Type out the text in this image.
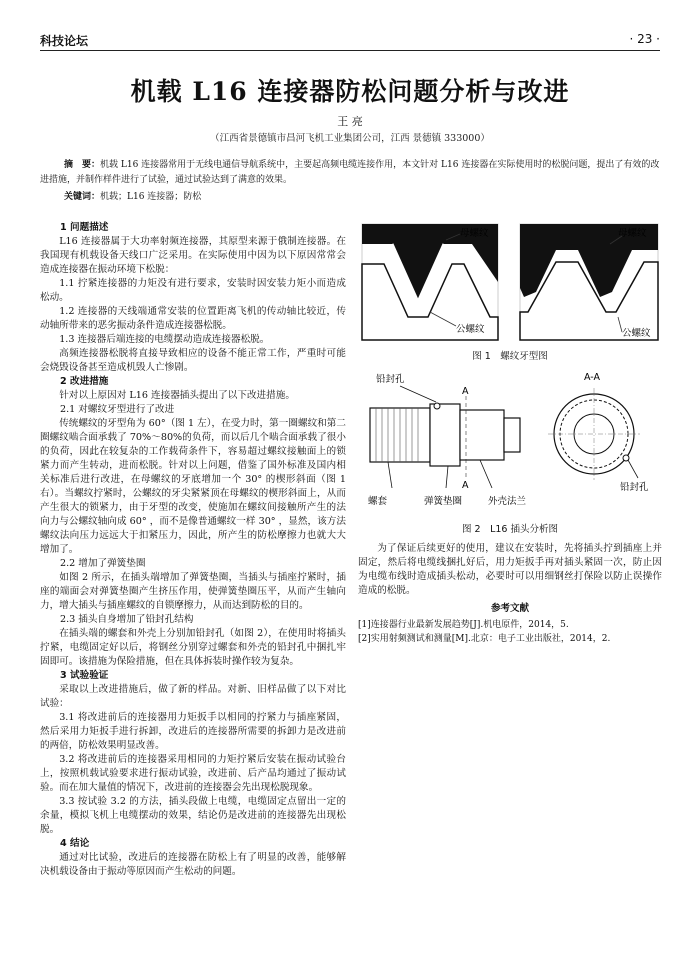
科技论坛	· 23 ·
机载 L16 连接器防松问题分析与改进
王 亮
（江西省景德镇市昌河飞机工业集团公司，江西 景德镇 333000）
摘　要：机载 L16 连接器常用于无线电通信导航系统中，主要起高频电缆连接作用，本文针对 L16 连接器在实际使用时的松脱问题，提出了有效的改进措施，并制作样件进行了试验，通过试验达到了满意的效果。
关键词：机载；L16 连接器；防松
1 问题描述

L16 连接器属于大功率射频连接器，其原型来源于俄制连接器。在我国现有机载设备天线口广泛采用。在实际使用中因为以下原因常常会造成连接器在振动环境下松脱：

1.1 拧紧连接器的力矩没有进行要求，安装时因安装力矩小而造成松动。

1.2 连接器的天线端通常安装的位置距离飞机的传动轴比较近，传动轴所带来的恶劣振动条件造成连接器松脱。

1.3 连接器后端连接的电缆摆动造成连接器松脱。

高频连接器松脱将直接导致相应的设备不能正常工作，严重时可能会烧毁设备甚至造成机毁人亡惨剧。

2 改进措施

针对以上原因对 L16 连接器插头提出了以下改进措施。

2.1 对螺纹牙型进行了改进

传统螺纹的牙型角为 60°（图 1 左），在受力时，第一圈螺纹和第二圈螺纹啮合面承载了 70%～80%的负荷，而以后几个啮合面承载了很小的负荷，因此在较复杂的工作载荷条件下，容易超过螺纹接触面上的锁紧力而产生转动，进而松脱。针对以上问题，借鉴了国外标准及国内相关标准后进行改进，在母螺纹的牙底增加一个 30° 的楔形斜面（图 1 右）。当螺纹拧紧时，公螺纹的牙尖紧紧顶在母螺纹的楔形斜面上，从而产生很大的锁紧力，由于牙型的改变，使施加在螺纹间接触所产生的法向力与公螺纹轴向成 60° ，而不是像普通螺纹一样 30° ，显然，该方法螺纹法向压力远远大于扣紧压力，因此，所产生的防松摩擦力也就大大增加了。

2.2 增加了弹簧垫圈

如图 2 所示，在插头端增加了弹簧垫圈，当插头与插座拧紧时，插座的端面会对弹簧垫圈产生挤压作用，使弹簧垫圈压平，从而产生轴向力，增大插头与插座螺纹的自锁摩擦力，从而达到防松的目的。

2.3 插头自身增加了铅封孔结构

在插头端的螺套和外壳上分别加铅封孔（如图 2），在使用时将插头拧紧，电缆固定好以后，将钢丝分别穿过螺套和外壳的铅封孔中捆扎牢固即可。该措施为保险措施，但在具体拆装时操作较为复杂。

3 试验验证

采取以上改进措施后，做了新的样品。对新、旧样品做了以下对比试验：

3.1 将改进前后的连接器用力矩扳手以相同的拧紧力与插座紧固，然后采用力矩扳手进行拆卸，改进后的连接器所需要的拆卸力是改进前的两倍，防松效果明显改善。

3.2 将改进前后的连接器采用相同的力矩拧紧后安装在振动试验台上，按照机载试验要求进行振动试验，改进前、后产品均通过了振动试验。而在加大量值的情况下，改进前的连接器会先出现松脱现象。

3.3 按试验 3.2 的方法，插头段做上电缆，电缆固定点留出一定的余量，模拟飞机上电缆摆动的效果，结论仍是改进前的连接器先出现松脱。

4 结论

通过对比试验，改进后的连接器在防松上有了明显的改善，能够解决机载设备由于振动等原因而产生松动的问题。

母螺纹
公螺纹
母螺纹
公螺纹
图 1　螺纹牙型图
A
A
铅封孔
螺套	弹簧垫圈	外壳法兰
A-A
铅封孔
图 2　L16 插头分析图

为了保证后续更好的使用，建议在安装时，先将插头拧到插座上并固定，然后将电缆线捆扎好后，用力矩扳手再对插头紧固一次，防止因为电缆布线时造成插头松动，必要时可以用细钢丝打保险以防止误操作造成的松脱。

参考文献

[1]连接器行业最新发展趋势[J].机电原件，2014，5.

[2]实用射频测试和测量[M].北京：电子工业出版社，2014，2.
